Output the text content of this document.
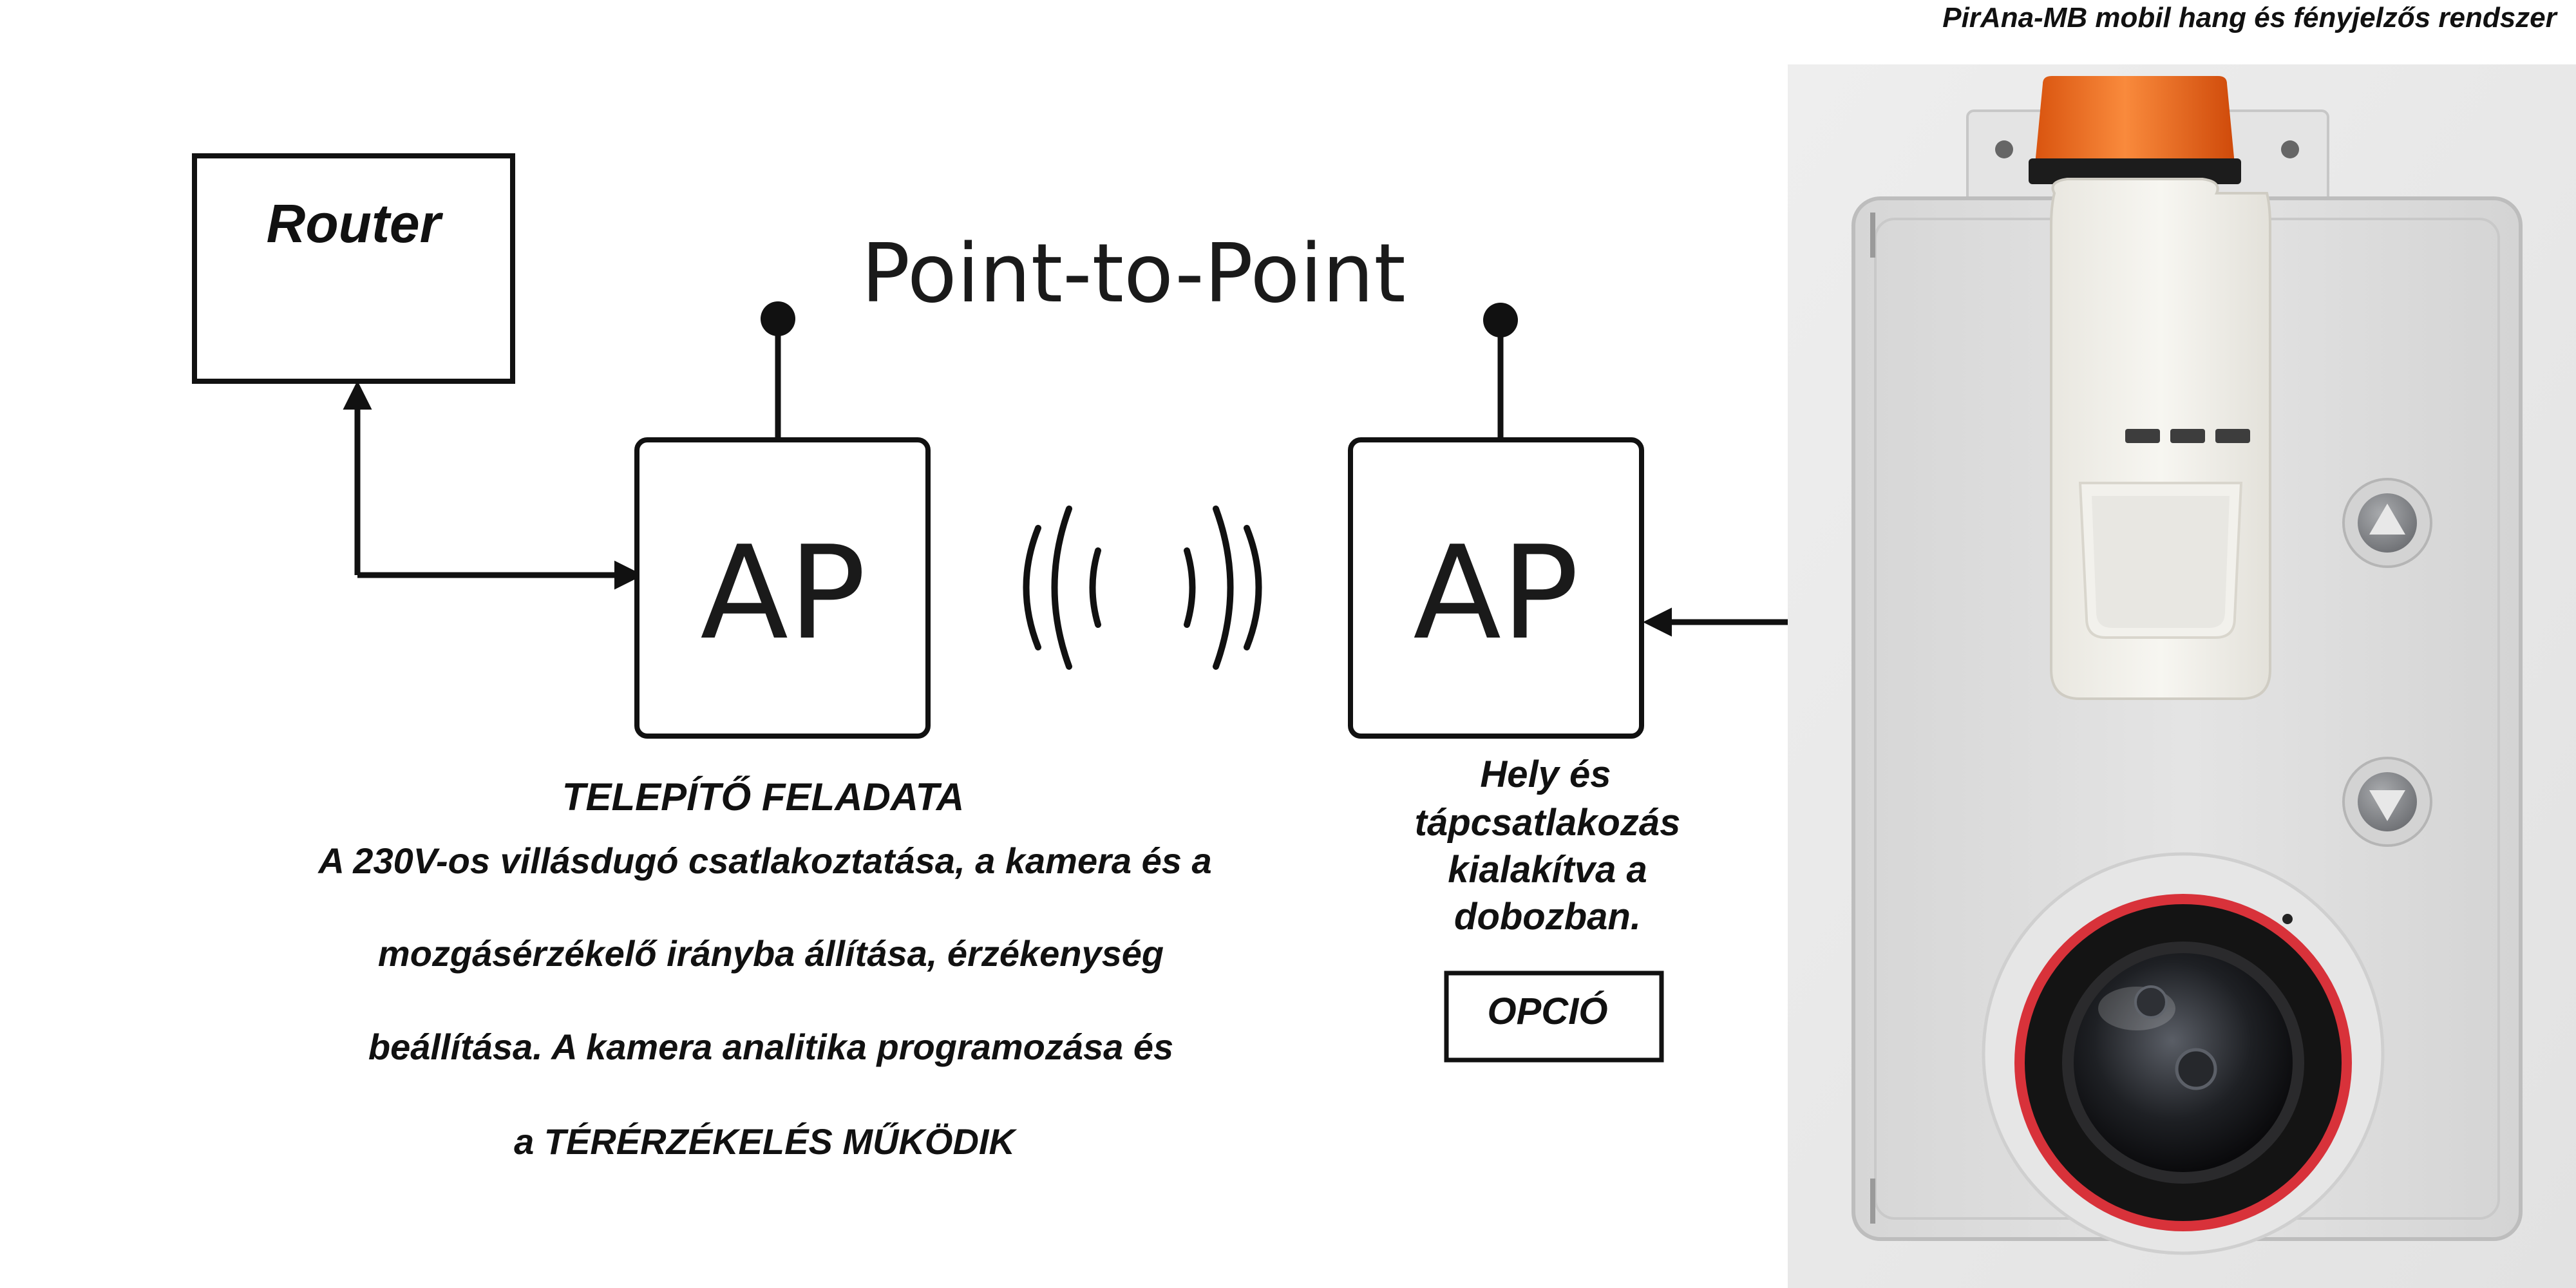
Router
Point-to-Point
AP	AP
TELEPÍTŐ FELADATA
A 230V-os villásdugó csatlakoztatása, a kamera és a
mozgásérzékelő irányba állítása, érzékenység
beállítása. A kamera analitika programozása és
a TÉRÉRZÉKELÉS MŰKÖDIK
Hely és
tápcsatlakozás
kialakítva a
dobozban.
OPCIÓ
PirAna-MB mobil hang és fényjelzős rendszer
